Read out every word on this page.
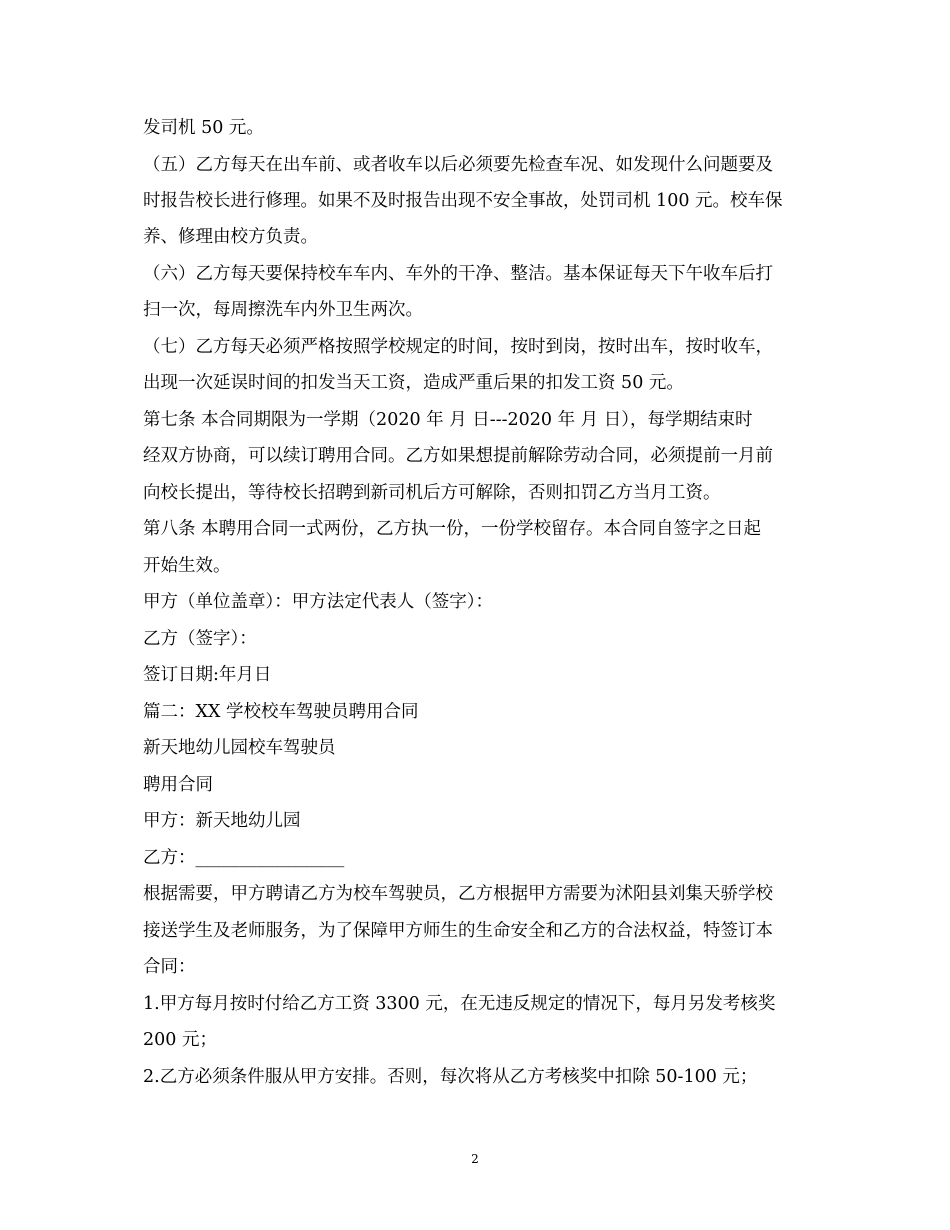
发司机 50 元。
（五）乙方每天在出车前、或者收车以后必须要先检查车况、如发现什么问题要及
时报告校长进行修理。如果不及时报告出现不安全事故，处罚司机 100 元。校车保
养、修理由校方负责。
（六）乙方每天要保持校车车内、车外的干净、整洁。基本保证每天下午收车后打
扫一次，每周擦洗车内外卫生两次。
（七）乙方每天必须严格按照学校规定的时间，按时到岗，按时出车，按时收车，
出现一次延误时间的扣发当天工资，造成严重后果的扣发工资 50 元。
第七条 本合同期限为一学期（2020 年 月 日---2020 年 月 日），每学期结束时
经双方协商，可以续订聘用合同。乙方如果想提前解除劳动合同，必须提前一月前
向校长提出，等待校长招聘到新司机后方可解除，否则扣罚乙方当月工资。
第八条 本聘用合同一式两份，乙方执一份，一份学校留存。本合同自签字之日起
开始生效。
甲方（单位盖章）：甲方法定代表人（签字）：
乙方（签字）：
签订日期:年月日
篇二：XX 学校校车驾驶员聘用合同
新天地幼儿园校车驾驶员
聘用合同
甲方：新天地幼儿园
乙方：_________________
根据需要，甲方聘请乙方为校车驾驶员，乙方根据甲方需要为沭阳县刘集天骄学校
接送学生及老师服务，为了保障甲方师生的生命安全和乙方的合法权益，特签订本
合同：
1.甲方每月按时付给乙方工资 3300 元，在无违反规定的情况下，每月另发考核奖
200 元；
2.乙方必须条件服从甲方安排。否则，每次将从乙方考核奖中扣除 50-100 元；
2
